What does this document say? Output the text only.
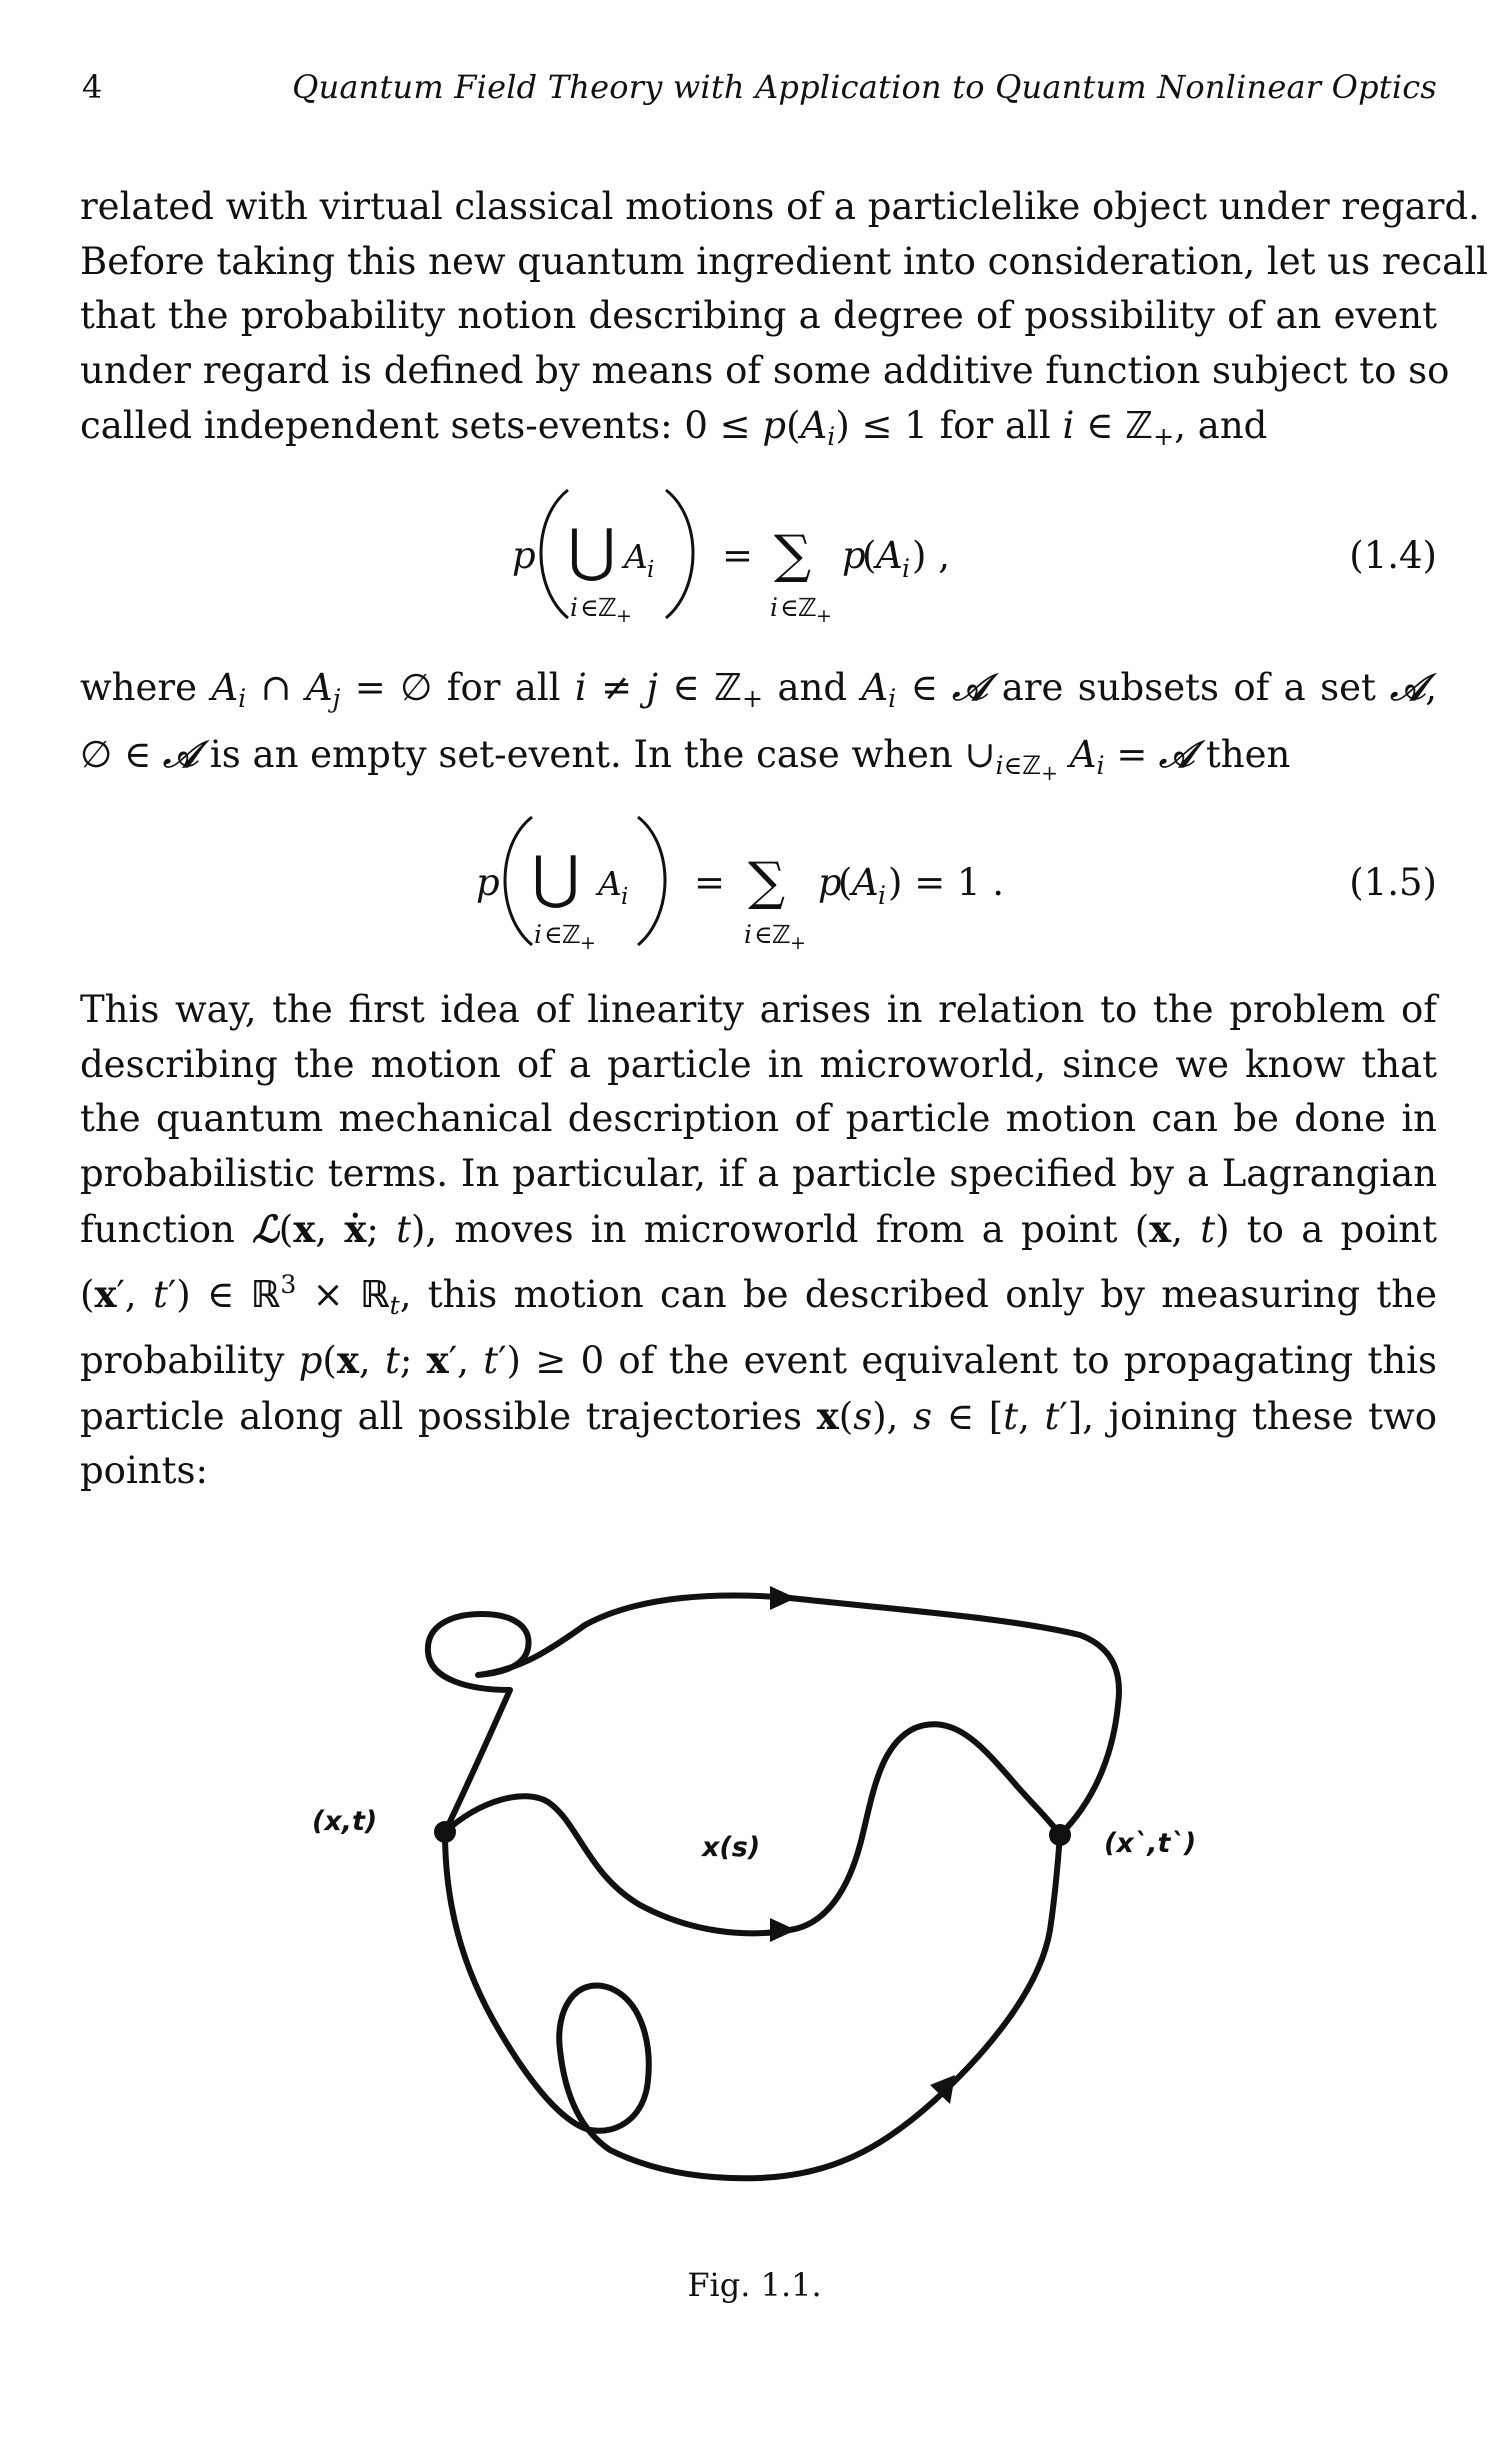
4	Quantum Field Theory with Application to Quantum Nonlinear Optics
related with virtual classical motions of a particlelike object under regard.
Before taking this new quantum ingredient into consideration, let us recall
that the probability notion describing a degree of possibility of an event
under regard is defined by means of some additive function subject to so
called independent sets-events: $0 \le p(A_i) \le 1$ for all i ∈ ℤ$_+$, and
p ⋃ A i
i ∈ ℤ +
= ∑ p
( A i ) ,
i ∈ ℤ +
(1.4)
where $A_i$ ∩ $A_j$ = ∅ for all i ≠ j ∈ ℤ$_+$ and $A_i$ ∈ 𝒜 are subsets of a set 𝒜,
∅ ∈ 𝒜 is an empty set-event. In the case when $\cup_{i\in ℤ_+}$ $A_i$ = 𝒜 then
p ⋃ A i
i ∈ ℤ +
= ∑ p
( A i ) = 1 .
i ∈ ℤ +
(1.5)
This way, the first idea of linearity arises in relation to the problem of
describing the motion of a particle in microworld, since we know that
the quantum mechanical description of particle motion can be done in
probabilistic terms. In particular, if a particle specified by a Lagrangian
function ℒ(x, ẋ; t), moves in microworld from a point (x, t) to a point
(x′, t′) ∈ ℝ$^3$ × ℝ$_t$, this motion can be described only by measuring the
probability p(x, t; x′, t′) ≥ 0 of the event equivalent to propagating this
particle along all possible trajectories x(s), s ∈ [t, t′], joining these two
points:
(x,t)
x(s)	(x`,t`)
Fig. 1.1.
